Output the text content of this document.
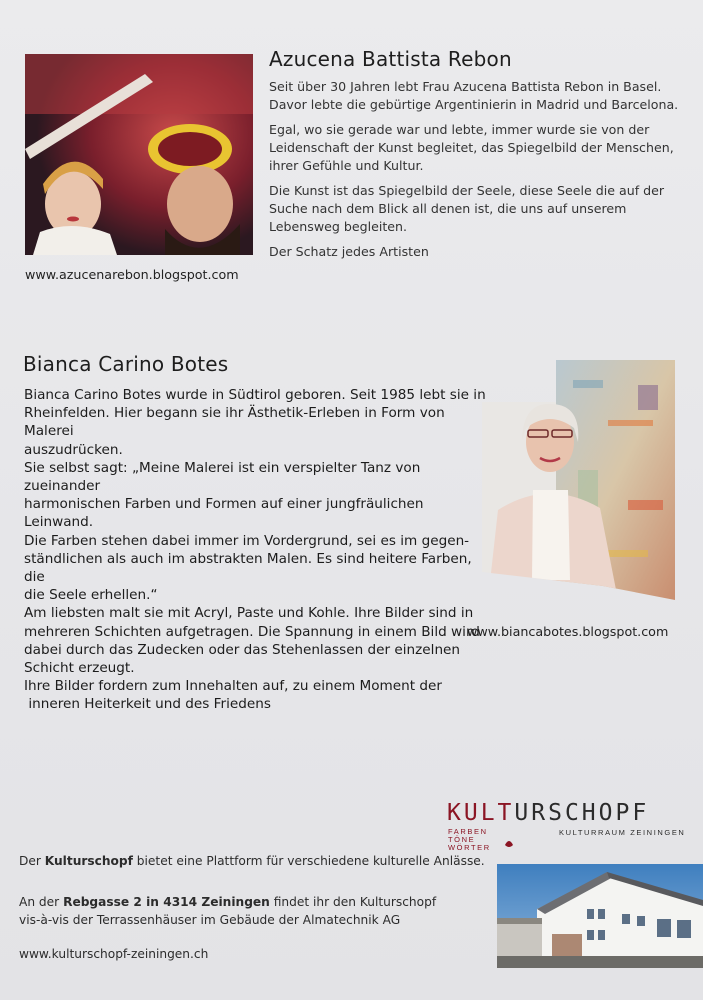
Azucena Battista Rebon

Seit über 30 Jahren lebt Frau Azucena Battista Rebon in Basel. Davor lebte die gebürtige Argentinierin in Madrid und Barcelona.

Egal, wo sie gerade war und lebte, immer wurde sie von der Leidenschaft der Kunst begleitet, das Spiegelbild der Menschen, ihrer Gefühle und Kultur.

Die Kunst ist das Spiegelbild der Seele, diese Seele die auf der Suche nach dem Blick all denen ist, die uns auf unserem Lebensweg begleiten.

Der Schatz jedes Artisten

www.azucenarebon.blogspot.com
Bianca Carino Botes

Bianca Carino Botes wurde in Südtirol geboren. Seit 1985 lebt sie in

Rheinfelden. Hier begann sie ihr Ästhetik-Erleben in Form von Malerei

auszudrücken.

Sie selbst sagt: „Meine Malerei ist ein verspielter Tanz von zueinander

harmonischen Farben und Formen auf einer jungfräulichen Leinwand.

Die Farben stehen dabei immer im Vordergrund, sei es im gegen-

ständlichen als auch im abstrakten Malen. Es sind heitere Farben, die

die Seele erhellen.“

Am liebsten malt sie mit Acryl, Paste und Kohle. Ihre Bilder sind in

mehreren Schichten aufgetragen. Die Spannung in einem Bild wird

dabei durch das Zudecken oder das Stehenlassen der einzelnen

Schicht erzeugt.

Ihre Bilder fordern zum Innehalten auf, zu einem Moment der

inneren Heiterkeit und des Friedens

www.biancabotes.blogspot.com
KULTURSCHOPF
FARBEN
TÖNE
WÖRTER
KULTURRAUM ZEININGEN
Der Kulturschopf bietet eine Plattform für verschiedene kulturelle Anlässe.
An der Rebgasse 2 in 4314 Zeiningen findet ihr den Kulturschopf
vis-à-vis der Terrassenhäuser im Gebäude der Almatechnik AG
www.kulturschopf-zeiningen.ch
